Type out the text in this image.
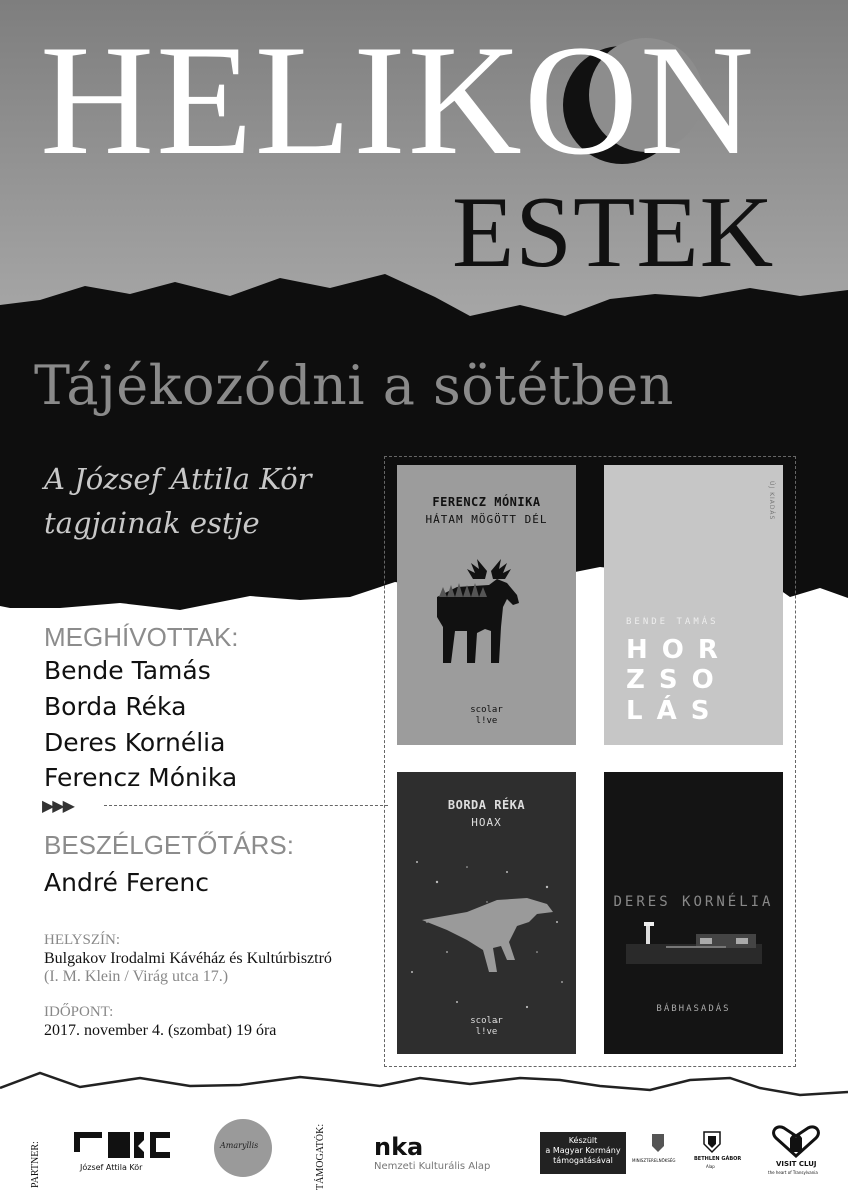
HELIKON
ESTEK
Tájékozódni a sötétben
A József Attila Kör
tagjainak estje
MEGHÍVOTTAK:
Bende Tamás
Borda Réka
Deres Kornélia
Ferencz Mónika
▶▶▶
BESZÉLGETŐTÁRS:
André Ferenc
HELYSZÍN:
Bulgakov Irodalmi Kávéház és Kultúrbisztró
(I. M. Klein / Virág utca 17.)
IDŐPONT:
2017. november 4. (szombat) 19 óra
FERENCZ MÓNIKA
HÁTAM MÖGÖTT DÉL
scolar
l!ve
ÚJ KIADÁS
BENDE TAMÁS
HOR
ZSO
LÁS
BORDA RÉKA
HOAX
scolar
l!ve
DERES KORNÉLIA
BÁBHASADÁS
PARTNER:	József Attila Kör
Amaryllis	TÁMOGATÓK: nka
Nemzeti Kulturális Alap
Készült
a Magyar Kormány
támogatásával	MINISZTERELNÖKSÉG	BETHLEN GÁBOR
Alap	VISIT CLUJ
the heart of Transylvania
